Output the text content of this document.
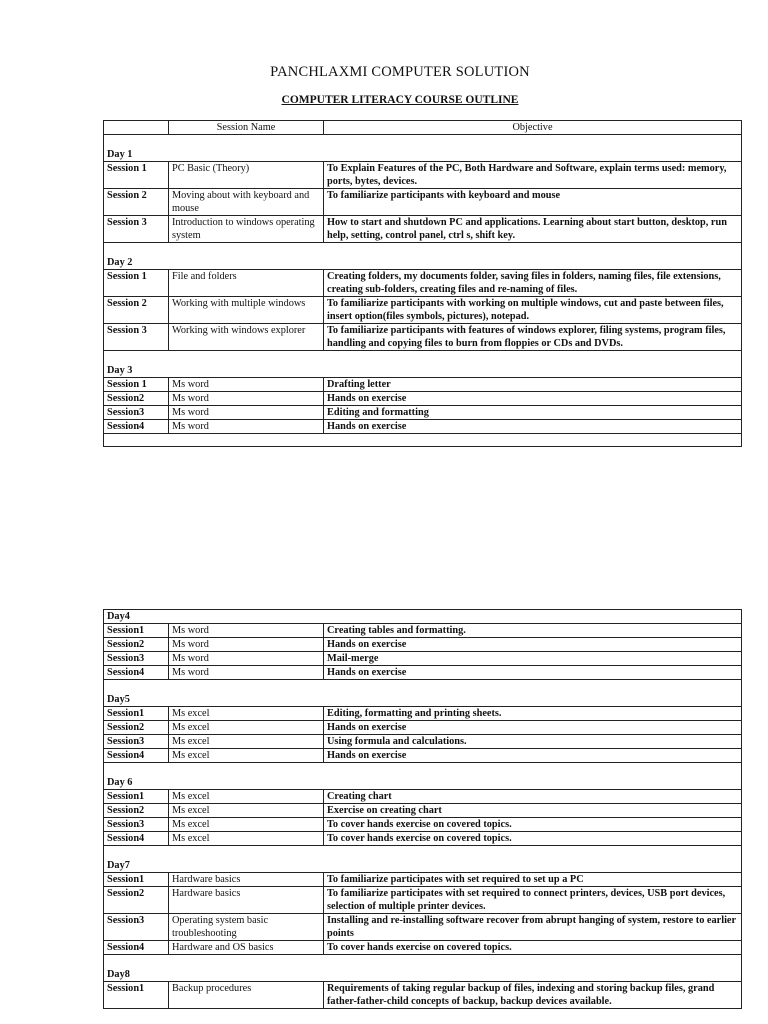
PANCHLAXMI COMPUTER SOLUTION
COMPUTER LITERACY COURSE OUTLINE
	Session Name	Objective
Day 1		
Session 1	PC Basic (Theory)	To Explain Features of the PC, Both Hardware and Software, explain terms used: memory, ports, bytes, devices.
Session 2	Moving about with keyboard and mouse	To familiarize participants with keyboard and mouse
Session 3	Introduction to windows operating system	How to start and shutdown PC and applications. Learning about start button, desktop, run help, setting, control panel, ctrl s, shift key.
Day 2		
Session 1	File and folders	Creating folders, my documents folder, saving files in folders, naming files, file extensions, creating sub-folders, creating files and re-naming of files.
Session 2	Working with multiple windows	To familiarize participants with working on multiple windows, cut and paste between files, insert option(files symbols, pictures), notepad.
Session 3	Working with windows explorer	To familiarize participants with features of windows explorer, filing systems, program files, handling and copying files to burn from floppies or CDs and DVDs.
Day 3		
Session 1	Ms word	Drafting letter
Session2	Ms word	Hands on exercise
Session3	Ms word	Editing and formatting
Session4	Ms word	Hands on exercise

Day4		
Session1	Ms word	Creating tables and formatting.
Session2	Ms word	Hands on exercise
Session3	Ms word	Mail-merge
Session4	Ms word	Hands on exercise
Day5		
Session1	Ms excel	Editing, formatting and printing sheets.
Session2	Ms excel	Hands on exercise
Session3	Ms excel	Using formula and calculations.
Session4	Ms excel	Hands on exercise
Day 6		
Session1	Ms excel	Creating chart
Session2	Ms excel	Exercise on creating chart
Session3	Ms excel	To cover hands exercise on covered topics.
Session4	Ms excel	To cover hands exercise on covered topics.
Day7		
Session1	Hardware basics	To familiarize participates with set required to set up a PC
Session2	Hardware basics	To familiarize participates with set required to connect printers, devices, USB port devices, selection of multiple printer devices.
Session3	Operating system basic troubleshooting	Installing and re-installing software recover from abrupt hanging of system, restore to earlier points
Session4	Hardware and OS basics	To cover hands exercise on covered topics.
Day8		
Session1	Backup procedures	Requirements of taking regular backup of files, indexing and storing backup files, grand father-father-child concepts of backup, backup devices available.
